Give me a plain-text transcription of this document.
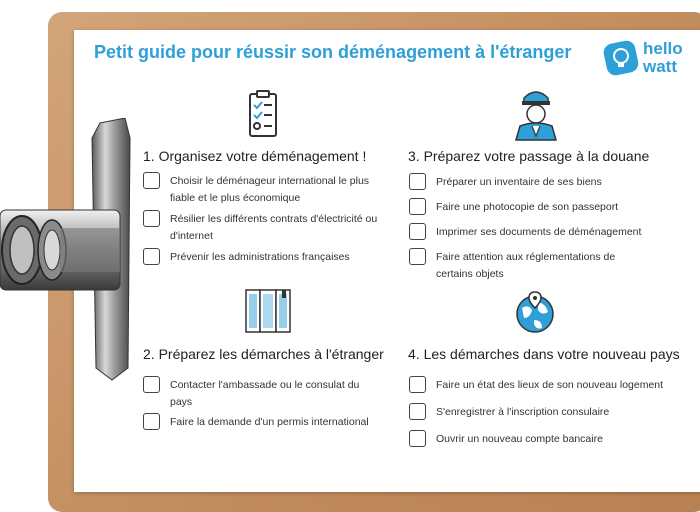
Petit guide pour réussir son déménagement à l'étranger	hello
watt
1. Organisez votre déménagement !
Choisir le déménageur international le plus fiable et le plus économique
Résilier les différents contrats d'électricité ou d'internet
Prévenir les administrations françaises
3. Préparez votre passage à la douane
Préparer un inventaire de ses biens
Faire une photocopie de son passeport
Imprimer ses documents de déménagement
Faire attention aux réglementations de certains objets
2. Préparez les démarches à l'étranger
Contacter l'ambassade ou le consulat du pays
Faire la demande d'un permis international
4. Les démarches dans votre nouveau pays
Faire un état des lieux de son nouveau logement
S'enregistrer à l'inscription consulaire
Ouvrir un nouveau compte bancaire
